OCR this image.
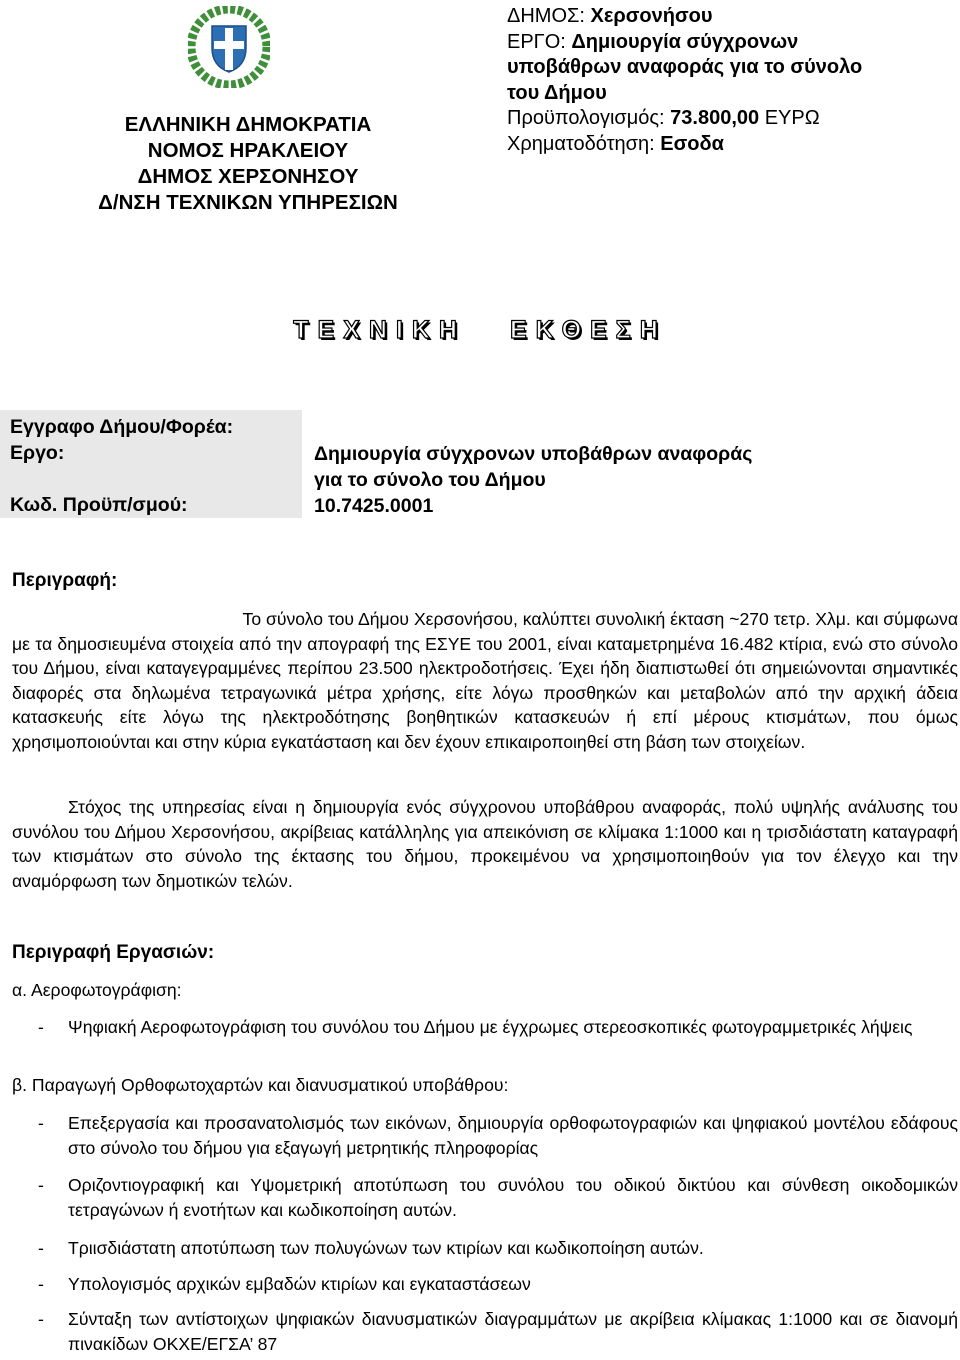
ΕΛΛΗΝΙΚΗ ΔΗΜΟΚΡΑΤΙΑ
ΝΟΜΟΣ ΗΡΑΚΛΕΙΟΥ
ΔΗΜΟΣ ΧΕΡΣΟΝΗΣΟΥ
Δ/ΝΣΗ ΤΕΧΝΙΚΩΝ ΥΠΗΡΕΣΙΩΝ
ΔΗΜΟΣ: Χερσονήσου
ΕΡΓΟ: Δημιουργία σύγχρονων
υποβάθρων αναφοράς για το σύνολο
του Δήμου
Προϋπολογισμός: 73.800,00 ΕΥΡΩ
Χρηματοδότηση: Εσοδα
ΤΕΧΝΙΚΗ ΕΚΘΕΣΗ
Εγγραφο Δήμου/Φορέα:
Εργο:

Κωδ. Προϋπ/σμού:
Δημιουργία σύγχρονων υποβάθρων αναφοράς
για το σύνολο του Δήμου
10.7425.0001
Περιγραφή:
Το σύνολο του Δήμου Χερσονήσου, καλύπτει συνολική έκταση ~270 τετρ. Χλμ. και σύμφωνα
με τα δημοσιευμένα στοιχεία από την απογραφή της ΕΣΥΕ του 2001, είναι καταμετρημένα 16.482 κτίρια, ενώ στο σύνολο του Δήμου, είναι καταγεγραμμένες περίπου 23.500 ηλεκτροδοτήσεις. Έχει ήδη διαπιστωθεί ότι σημειώνονται σημαντικές διαφορές στα δηλωμένα τετραγωνικά μέτρα χρήσης, είτε λόγω προσθηκών και μεταβολών από την αρχική άδεια κατασκευής είτε λόγω της ηλεκτροδότησης βοηθητικών κατασκευών ή επί μέρους κτισμάτων, που όμως χρησιμοποιούνται και στην κύρια εγκατάσταση και δεν έχουν επικαιροποιηθεί στη βάση των στοιχείων.
Στόχος της υπηρεσίας είναι η δημιουργία ενός σύγχρονου υποβάθρου αναφοράς, πολύ υψηλής ανάλυσης του συνόλου του Δήμου Χερσονήσου, ακρίβειας κατάλληλης για απεικόνιση σε κλίμακα 1:1000 και η τρισδιάστατη καταγραφή των κτισμάτων στο σύνολο της έκτασης του δήμου, προκειμένου να χρησιμοποιηθούν για τον έλεγχο και την αναμόρφωση των δημοτικών τελών.
Περιγραφή Εργασιών:
α. Αεροφωτογράφιση:
- Ψηφιακή Αεροφωτογράφιση του συνόλου του Δήμου με έγχρωμες στερεοσκοπικές φωτογραμμετρικές λήψεις
β. Παραγωγή Ορθοφωτοχαρτών και διανυσματικού υποβάθρου:
- Επεξεργασία και προσανατολισμός των εικόνων, δημιουργία ορθοφωτογραφιών και ψηφιακού μοντέλου εδάφους στο σύνολο του δήμου για εξαγωγή μετρητικής πληροφορίας
- Οριζοντιογραφική και Υψομετρική αποτύπωση του συνόλου του οδικού δικτύου και σύνθεση οικοδομικών τετραγώνων ή ενοτήτων και κωδικοποίηση αυτών.
- Τριισδιάστατη αποτύπωση των πολυγώνων των κτιρίων και κωδικοποίηση αυτών.
- Υπολογισμός αρχικών εμβαδών κτιρίων και εγκαταστάσεων
- Σύνταξη των αντίστοιχων ψηφιακών διανυσματικών διαγραμμάτων με ακρίβεια κλίμακας 1:1000 και σε διανομή πινακίδων ΟΚΧΕ/ΕΓΣΑ’ 87
